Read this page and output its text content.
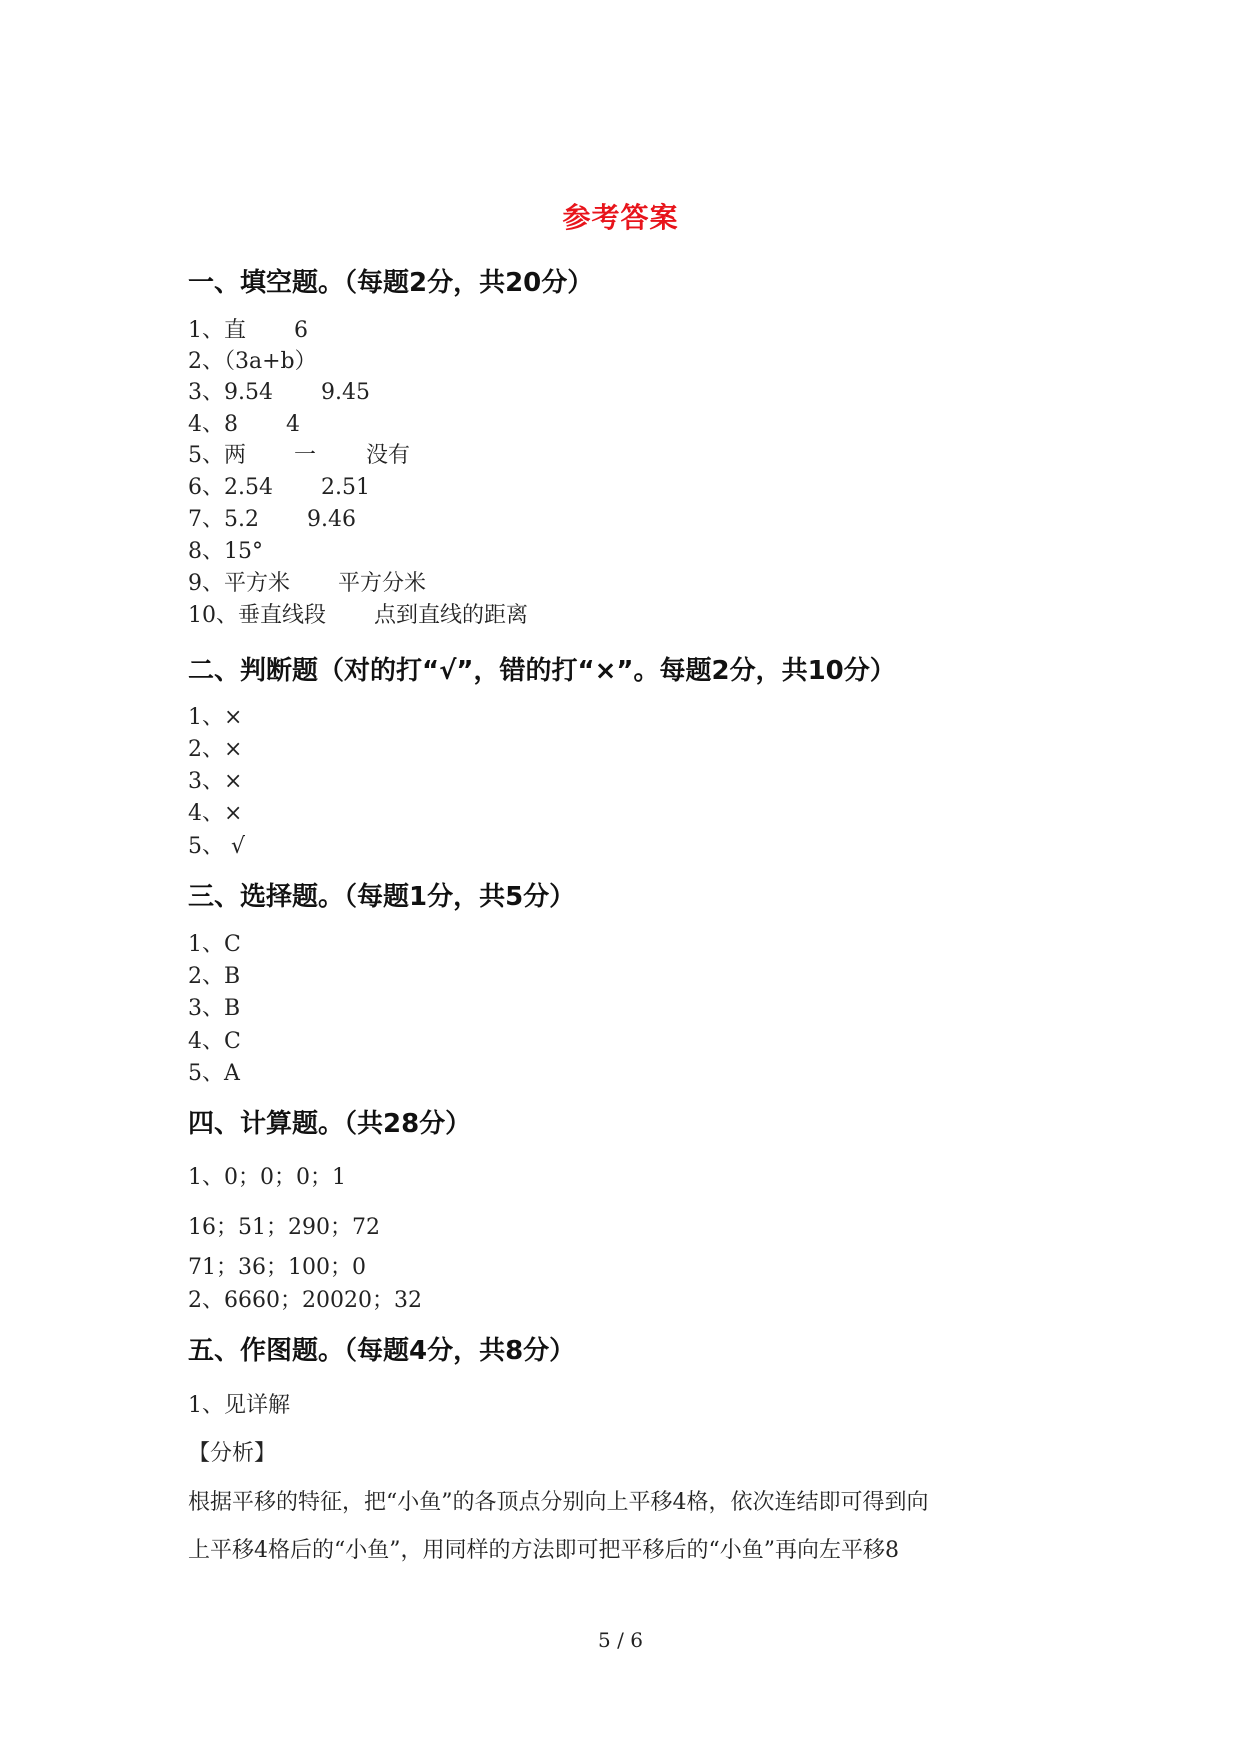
参考答案
一、填空题。（每题2分，共20分）
1、直 6
2、（3a+b）
3、9.54 9.45
4、8 4
5、两 一 没有
6、2.54 2.51
7、5.2 9.46
8、15°
9、平方米 平方分米
10、垂直线段 点到直线的距离
二、判断题（对的打“√”，错的打“×”。每题2分，共10分）
1、×
2、×
3、×
4、×
5、 √
三、选择题。（每题1分，共5分）
1、C
2、B
3、B
4、C
5、A
四、计算题。（共28分）
1、0；0；0；1
16；51；290；72
71；36；100；0
2、6660；20020；32
五、作图题。（每题4分，共8分）
1、见详解
【分析】
根据平移的特征，把“小鱼”的各顶点分别向上平移4格，依次连结即可得到向
上平移4格后的“小鱼”，用同样的方法即可把平移后的“小鱼”再向左平移8
5 / 6
